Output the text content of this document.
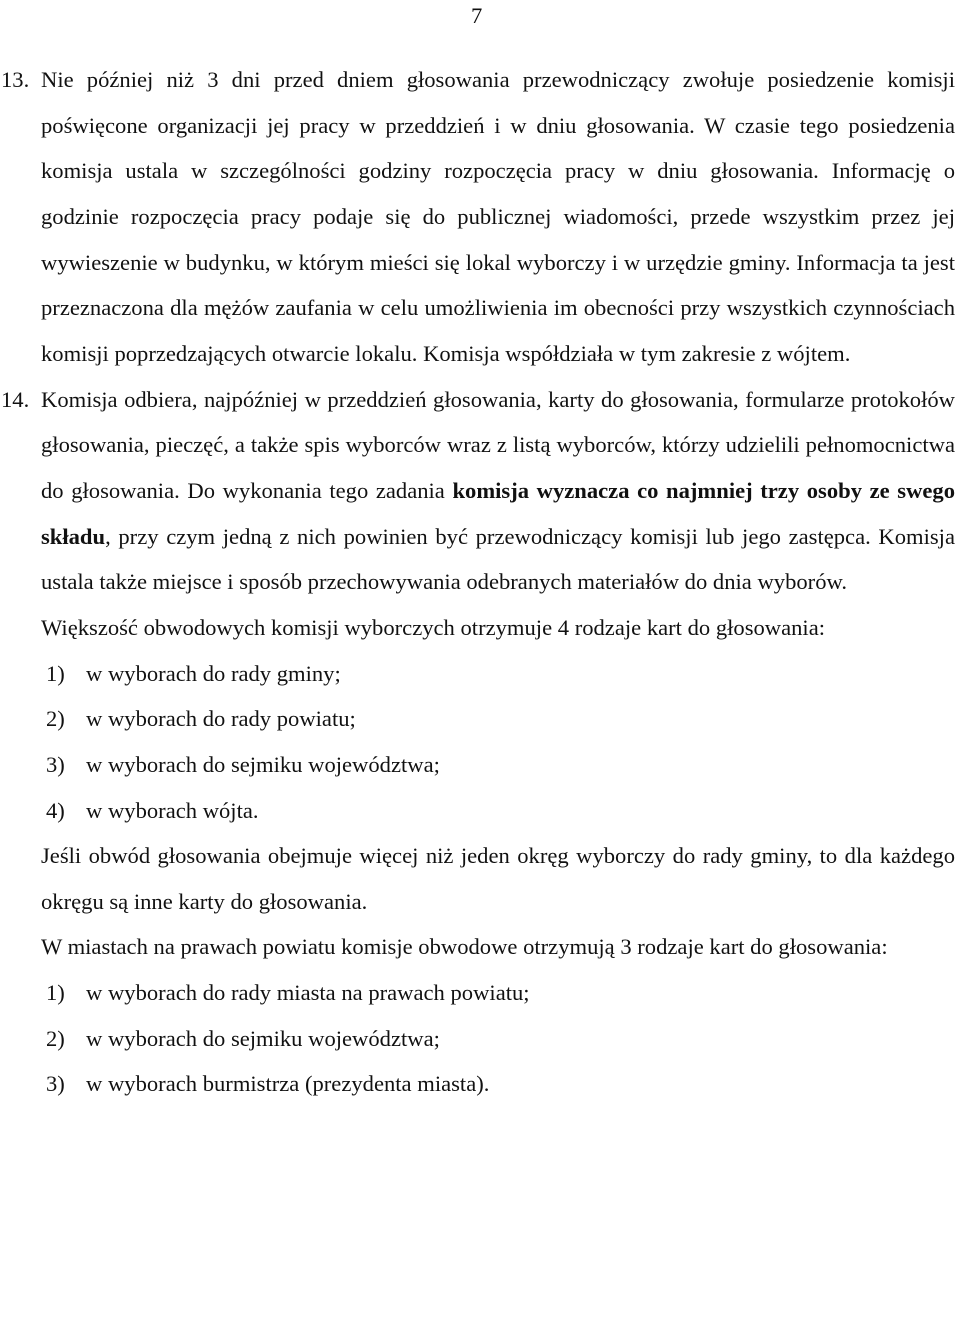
7

13. Nie później niż 3 dni przed dniem głosowania przewodniczący zwołuje posiedzenie komisji poświęcone organizacji jej pracy w przeddzień i w dniu głosowania. W czasie tego posiedzenia komisja ustala w szczególności godziny rozpoczęcia pracy w dniu głosowania. Informację o godzinie rozpoczęcia pracy podaje się do publicznej wiadomości, przede wszystkim przez jej wywieszenie w budynku, w którym mieści się lokal wyborczy i w urzędzie gminy. Informacja ta jest przeznaczona dla mężów zaufania w celu umożliwienia im obecności przy wszystkich czynnościach komisji poprzedzających otwarcie lokalu. Komisja współdziała w tym zakresie z wójtem.

14. Komisja odbiera, najpóźniej w przeddzień głosowania, karty do głosowania, formularze protokołów głosowania, pieczęć, a także spis wyborców wraz z listą wyborców, którzy udzielili pełnomocnictwa do głosowania. Do wykonania tego zadania komisja wyznacza co najmniej trzy osoby ze swego składu, przy czym jedną z nich powinien być przewodniczący komisji lub jego zastępca. Komisja ustala także miejsce i sposób przechowywania odebranych materiałów do dnia wyborów.

Większość obwodowych komisji wyborczych otrzymuje 4 rodzaje kart do głosowania:

1) w wyborach do rady gminy;
2) w wyborach do rady powiatu;
3) w wyborach do sejmiku województwa;
4) w wyborach wójta.

Jeśli obwód głosowania obejmuje więcej niż jeden okręg wyborczy do rady gminy, to dla każdego okręgu są inne karty do głosowania.

W miastach na prawach powiatu komisje obwodowe otrzymują 3 rodzaje kart do głosowania:

1) w wyborach do rady miasta na prawach powiatu;
2) w wyborach do sejmiku województwa;
3) w wyborach burmistrza (prezydenta miasta).
